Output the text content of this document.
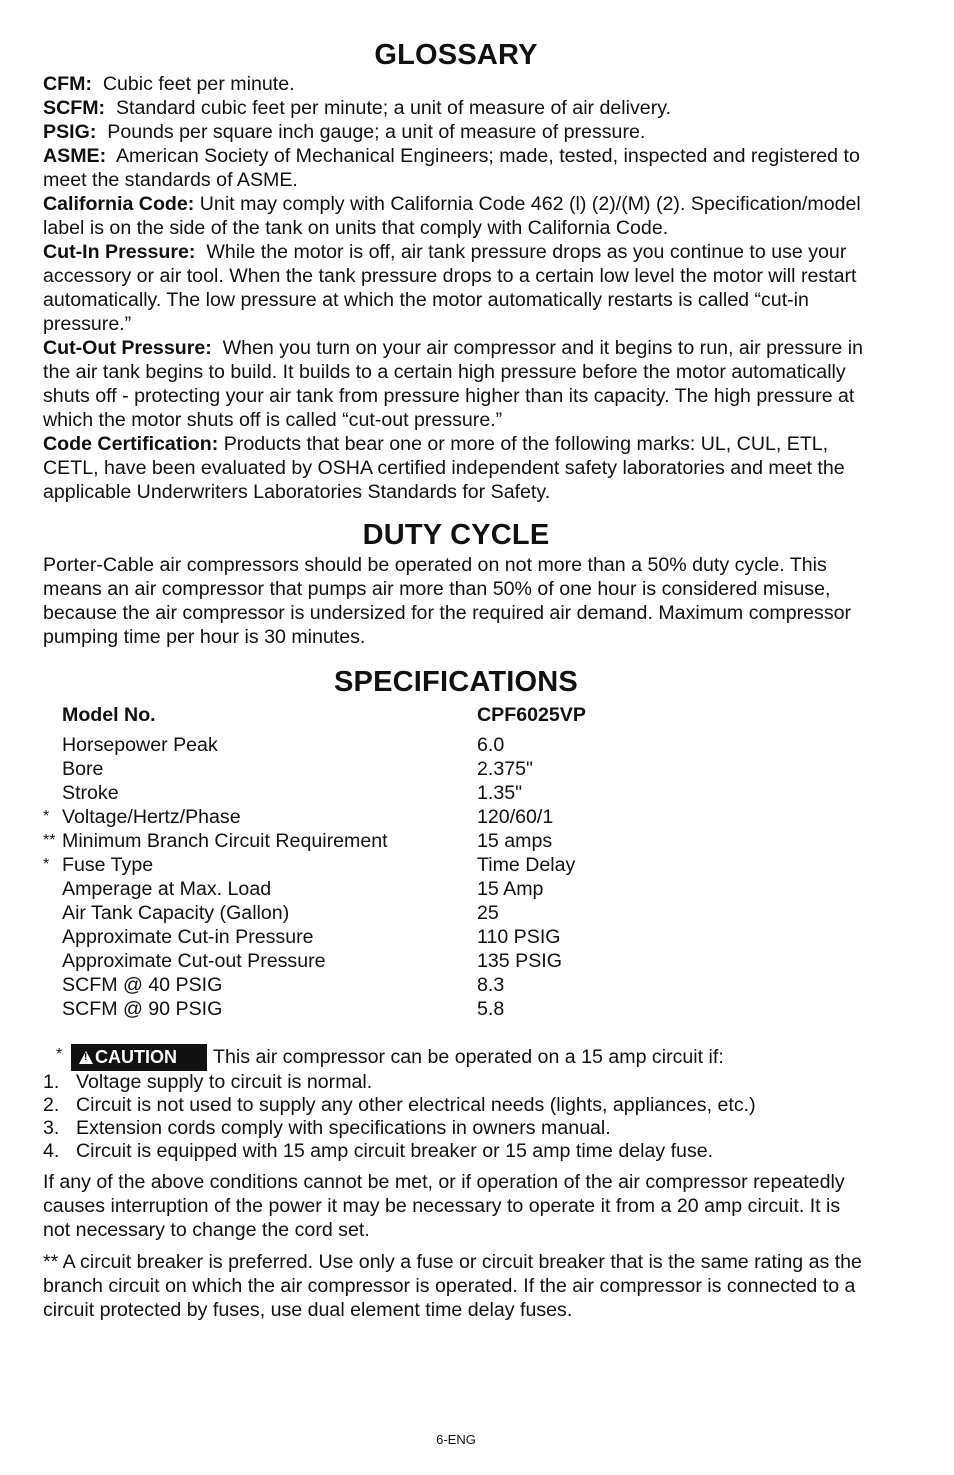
GLOSSARY

CFM: Cubic feet per minute.

SCFM: Standard cubic feet per minute; a unit of measure of air delivery.

PSIG: Pounds per square inch gauge; a unit of measure of pressure.

ASME: American Society of Mechanical Engineers; made, tested, inspected and registered to meet the standards of ASME.

California Code: Unit may comply with California Code 462 (l) (2)/(M) (2). Specification/model label is on the side of the tank on units that comply with California Code.

Cut-In Pressure: While the motor is off, air tank pressure drops as you continue to use your accessory or air tool. When the tank pressure drops to a certain low level the motor will restart automatically. The low pressure at which the motor automatically restarts is called “cut-in pressure.”

Cut-Out Pressure: When you turn on your air compressor and it begins to run, air pressure in the air tank begins to build. It builds to a certain high pressure before the motor automatically shuts off - protecting your air tank from pressure higher than its capacity. The high pressure at which the motor shuts off is called “cut-out pressure.”

Code Certification: Products that bear one or more of the following marks: UL, CUL, ETL, CETL, have been evaluated by OSHA certified independent safety laboratories and meet the applicable Underwriters Laboratories Standards for Safety.

DUTY CYCLE

Porter-Cable air compressors should be operated on not more than a 50% duty cycle. This means an air compressor that pumps air more than 50% of one hour is considered misuse, because the air compressor is undersized for the required air demand. Maximum compressor pumping time per hour is 30 minutes.

SPECIFICATIONS
Model No.	CPF6025VP
Horsepower Peak	6.0
Bore	2.375"
Stroke	1.35"
* Voltage/Hertz/Phase	120/60/1
** Minimum Branch Circuit Requirement	15 amps
* Fuse Type	Time Delay
Amperage at Max. Load	15 Amp
Air Tank Capacity (Gallon)	25
Approximate Cut-in Pressure	110 PSIG
Approximate Cut-out Pressure	135 PSIG
SCFM @ 40 PSIG	8.3
SCFM @ 90 PSIG	5.8
*
! CAUTION This air compressor can be operated on a 15 amp circuit if:
1. Voltage supply to circuit is normal.
2. Circuit is not used to supply any other electrical needs (lights, appliances, etc.)
3. Extension cords comply with specifications in owners manual.
4. Circuit is equipped with 15 amp circuit breaker or 15 amp time delay fuse.

If any of the above conditions cannot be met, or if operation of the air compressor repeatedly causes interruption of the power it may be necessary to operate it from a 20 amp circuit. It is not necessary to change the cord set.

** A circuit breaker is preferred. Use only a fuse or circuit breaker that is the same rating as the branch circuit on which the air compressor is operated. If the air compressor is connected to a circuit protected by fuses, use dual element time delay fuses.

6-ENG
